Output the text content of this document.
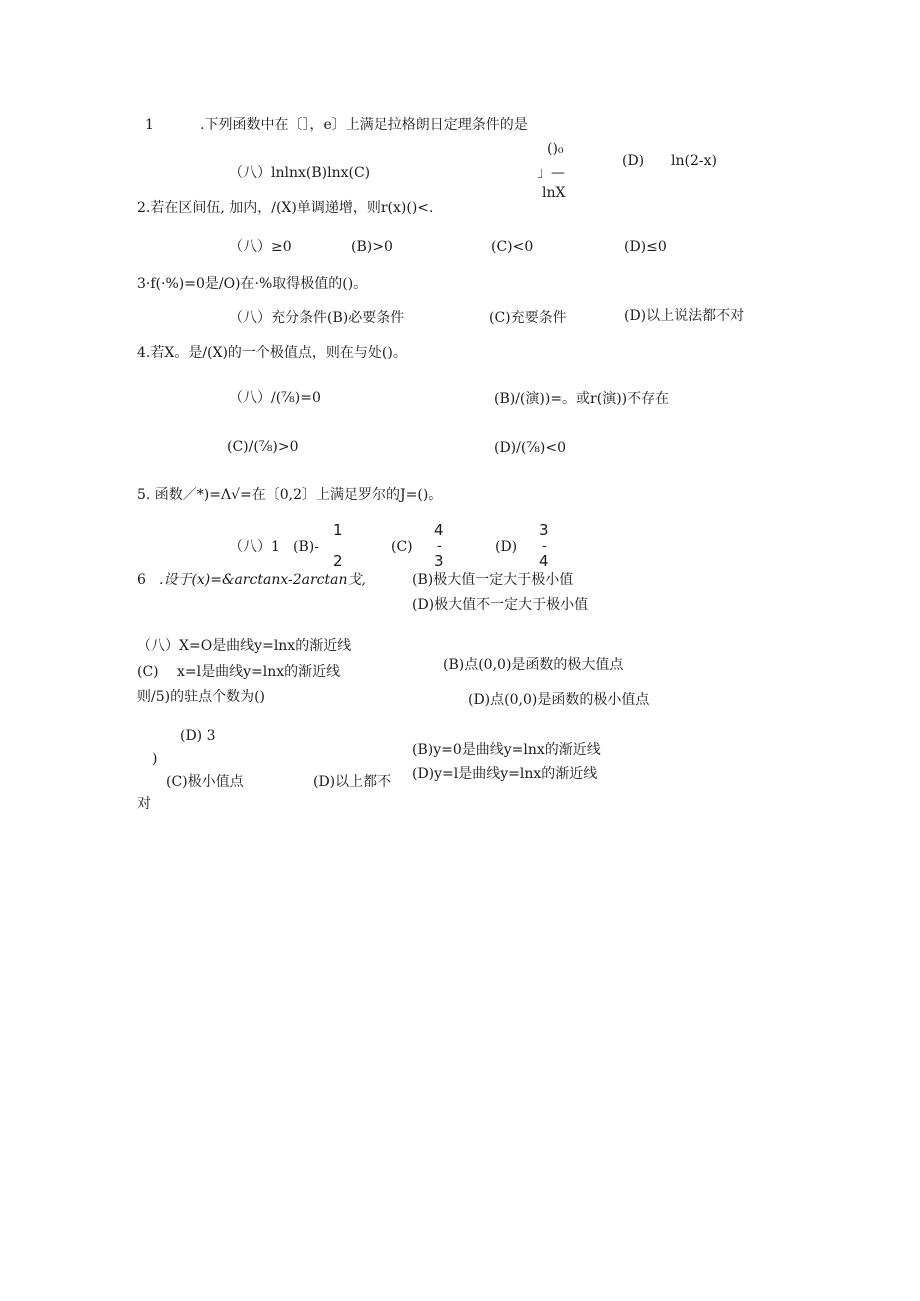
1	.下列函数中在〔］，e〕上满足拉格朗日定理条件的是
()₀
（八）lnlnx(B)lnx(C)	」—
lnX
(D) ln(2-x)
2.若在区间伍, 加内，/(X)单调递增，则r(x)()<.
（八）≥0	(B)>0	(C)<0	(D)≤0
3·f(·%)=0是/O)在·%取得极值的()。
（八）充分条件(B)必要条件	(C)充要条件	(D)以上说法都不对
4.若X。是/(X)的一个极值点，则在与处()。
（八）/(⅞)=0	(B)/(演))=。或r(演))不存在
(C)/(⅞)>0	(D)/(⅞)<0
5. 函数／*)=Λ√=在〔0,2〕上满足罗尔的J=()。
（八）1 (B)-
1
2
(C)
4
-
3
(D)
3
-
4
6 .设于(x)=&arctanx-2arctan戈,	(B)极大值一定大于极小值
(D)极大值不一定大于极小值
（八）X=O是曲线y=lnx的渐近线
(C) x=l是曲线y=lnx的渐近线	(B)点(0,0)是函数的极大值点
则/5)的驻点个数为()	(D)点(0,0)是函数的极小值点
(D) 3
)
(B)y=0是曲线y=lnx的渐近线
(D)y=l是曲线y=lnx的渐近线
(C)极小值点	(D)以上都不
对
